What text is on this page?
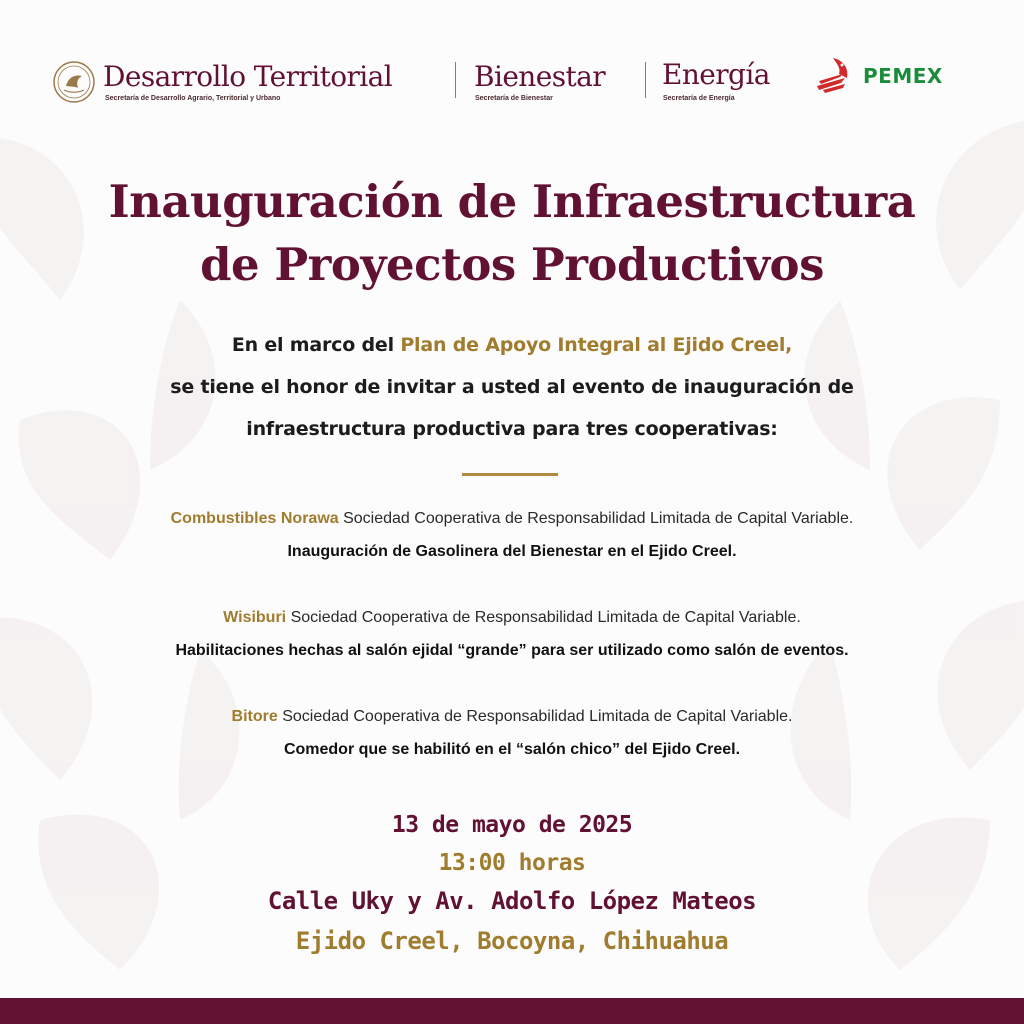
Desarrollo Territorial
Secretaría de Desarrollo Agrario, Territorial y Urbano
Bienestar
Secretaría de Bienestar
Energía
Secretaría de Energía
PEMEX
Inauguración de Infraestructura
de Proyectos Productivos
En el marco del Plan de Apoyo Integral al Ejido Creel,
se tiene el honor de invitar a usted al evento de inauguración de
infraestructura productiva para tres cooperativas:
Combustibles Norawa Sociedad Cooperativa de Responsabilidad Limitada de Capital Variable.
Inauguración de Gasolinera del Bienestar en el Ejido Creel.
Wisiburi Sociedad Cooperativa de Responsabilidad Limitada de Capital Variable.
Habilitaciones hechas al salón ejidal “grande” para ser utilizado como salón de eventos.
Bitore Sociedad Cooperativa de Responsabilidad Limitada de Capital Variable.
Comedor que se habilitó en el “salón chico” del Ejido Creel.
13 de mayo de 2025
13:00 horas
Calle Uky y Av. Adolfo López Mateos
Ejido Creel, Bocoyna, Chihuahua
